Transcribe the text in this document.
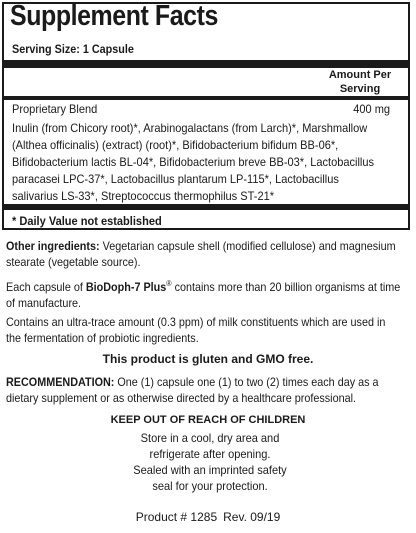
Supplement Facts
Serving Size: 1 Capsule
Amount Per
Serving
Proprietary Blend	400 mg
Inulin (from Chicory root)*, Arabinogalactans (from Larch)*, Marshmallow
(Althea officinalis) (extract) (root)*, Bifidobacterium bifidum BB-06*,
Bifidobacterium lactis BL-04*, Bifidobacterium breve BB-03*, Lactobacillus
paracasei LPC-37*, Lactobacillus plantarum LP-115*, Lactobacillus
salivarius LS-33*, Streptococcus thermophilus ST-21*
* Daily Value not established
Other ingredients: Vegetarian capsule shell (modified cellulose) and magnesium
stearate (vegetable source).
Each capsule of BioDoph-7 Plus® contains more than 20 billion organisms at time
of manufacture.
Contains an ultra-trace amount (0.3 ppm) of milk constituents which are used in
the fermentation of probiotic ingredients.
This product is gluten and GMO free.
RECOMMENDATION: One (1) capsule one (1) to two (2) times each day as a
dietary supplement or as otherwise directed by a healthcare professional.
KEEP OUT OF REACH OF CHILDREN
Store in a cool, dry area and
refrigerate after opening.
Sealed with an imprinted safety
seal for your protection.
Product # 1285 Rev. 09/19
